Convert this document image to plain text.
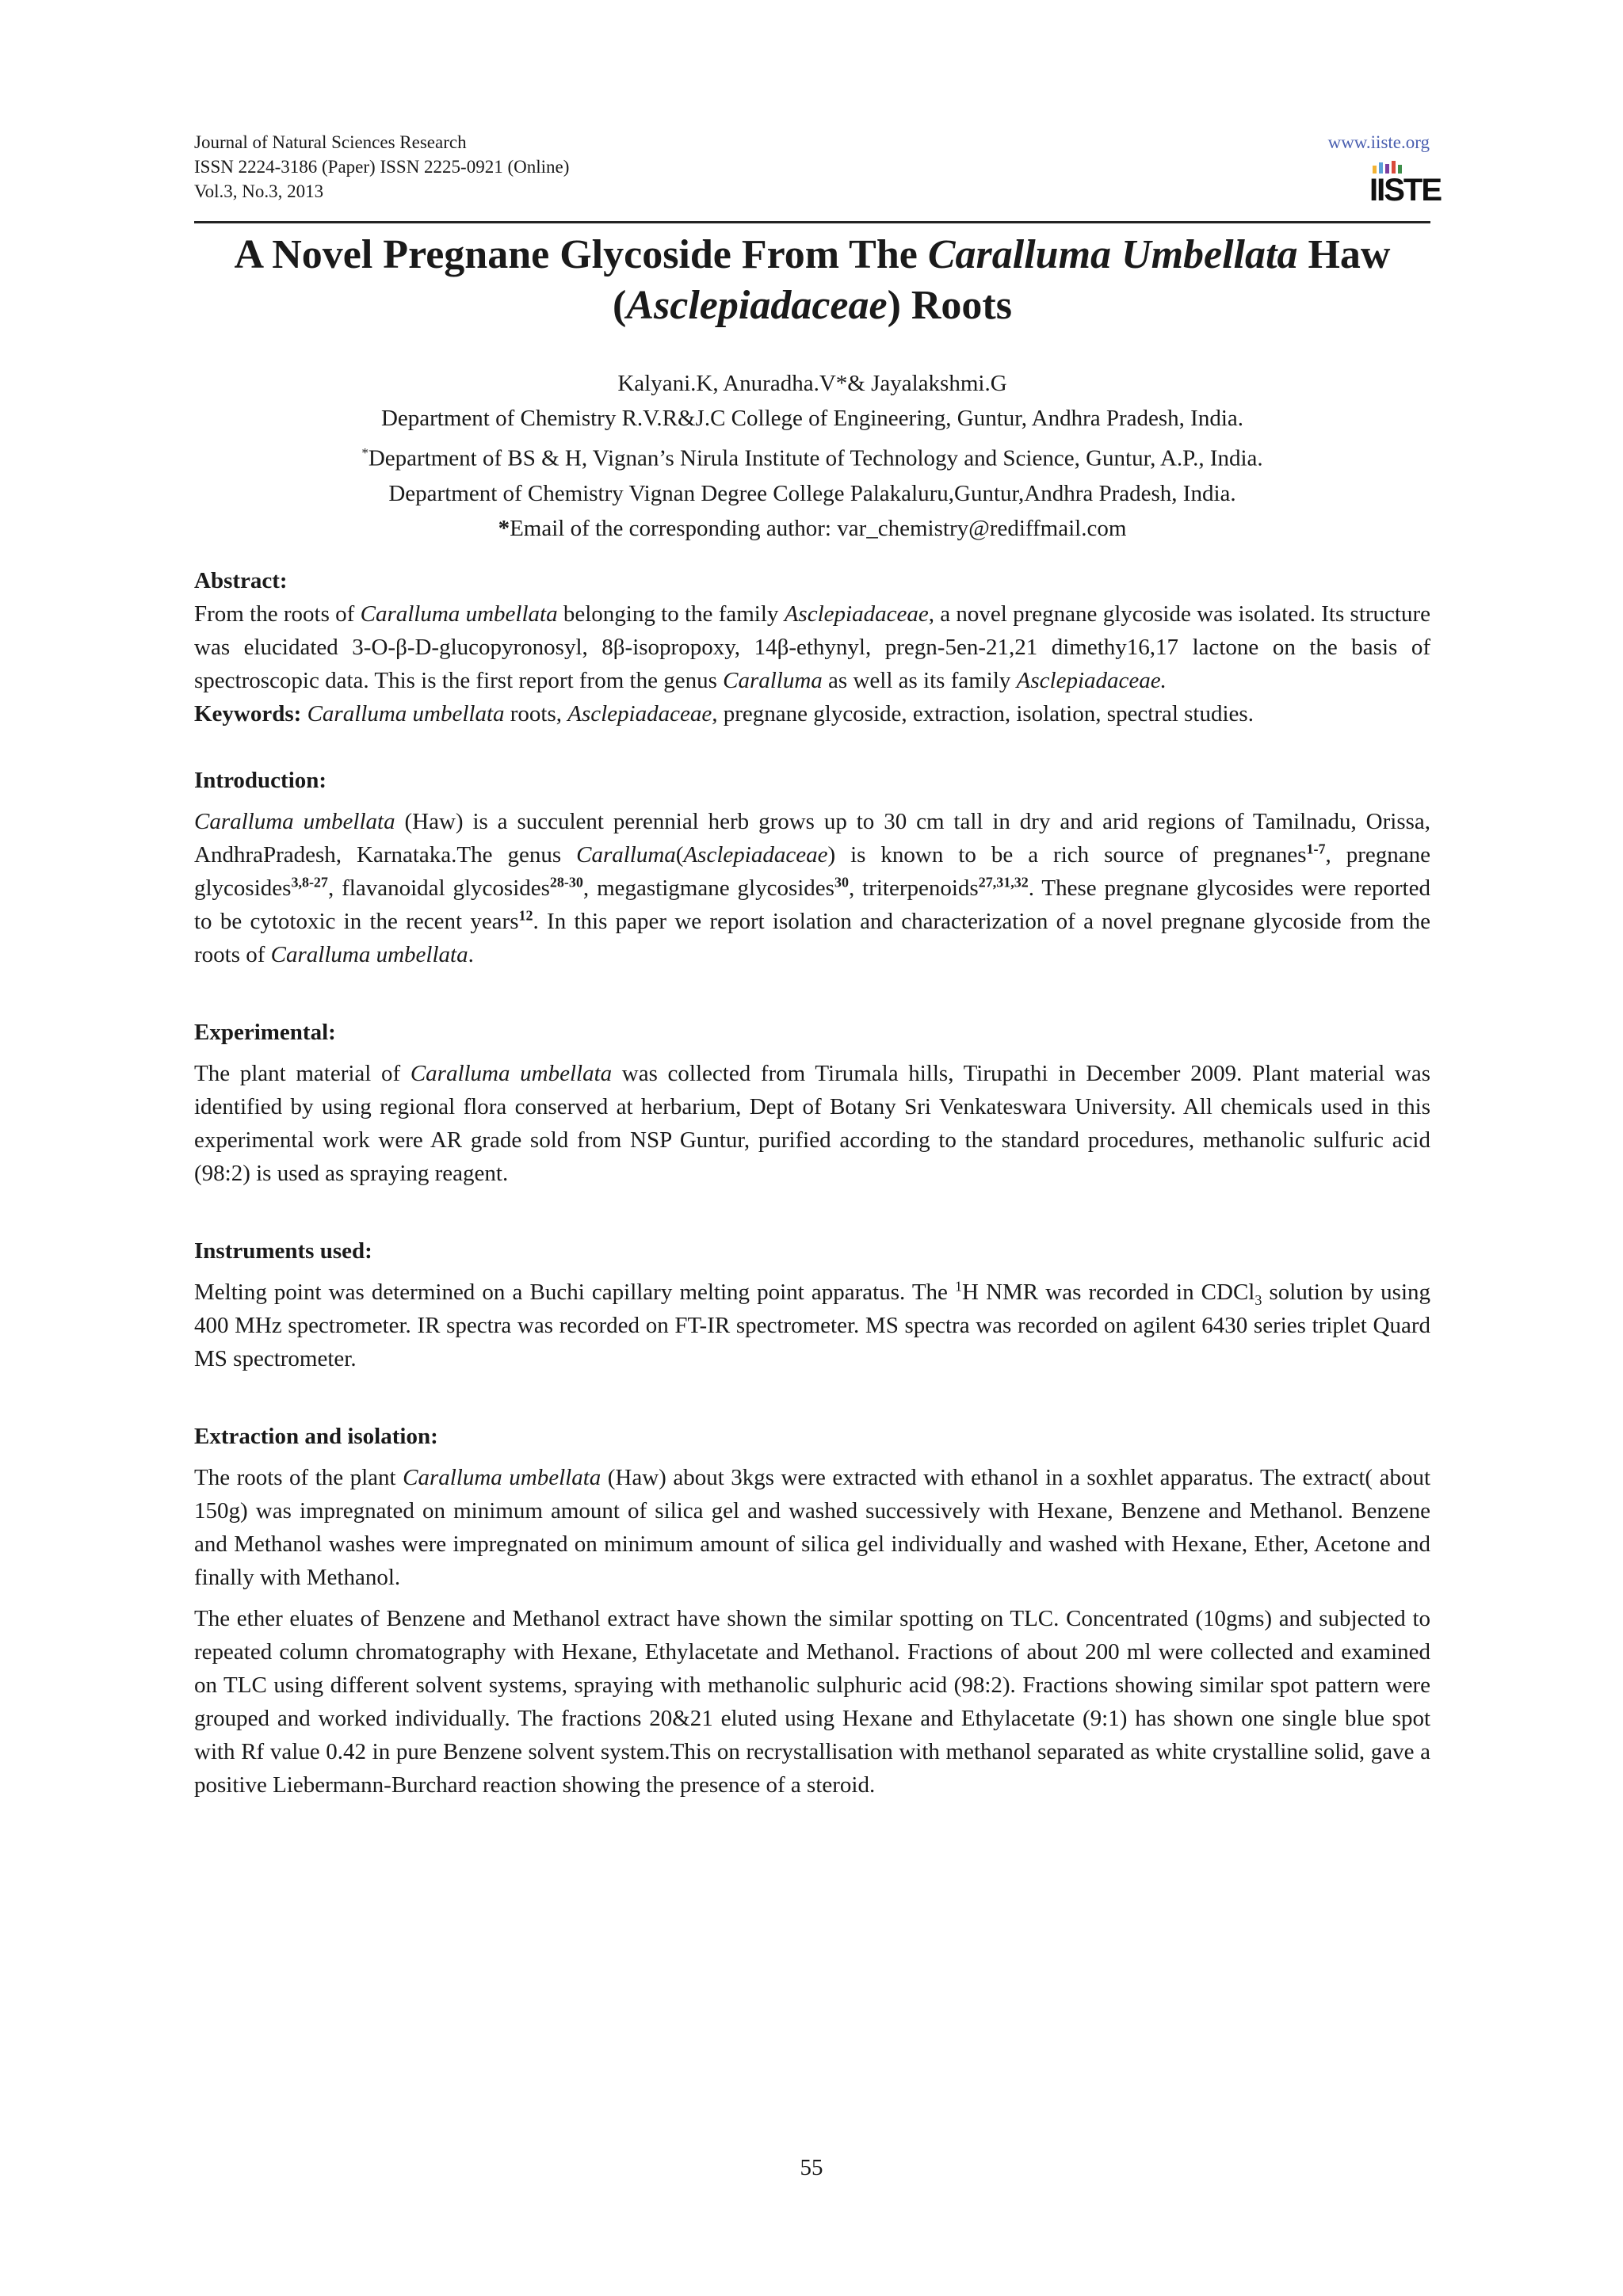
Journal of Natural Sciences Research
ISSN 2224-3186 (Paper) ISSN 2225-0921 (Online)
Vol.3, No.3, 2013
www.iiste.org
IISTE
A Novel Pregnane Glycoside From The Caralluma Umbellata Haw
(Asclepiadaceae) Roots
Kalyani.K, Anuradha.V*& Jayalakshmi.G
Department of Chemistry R.V.R&J.C College of Engineering, Guntur, Andhra Pradesh, India.
*Department of BS & H, Vignan’s Nirula Institute of Technology and Science, Guntur, A.P., India.
Department of Chemistry Vignan Degree College Palakaluru,Guntur,Andhra Pradesh, India.
*Email of the corresponding author: var_chemistry@rediffmail.com
Abstract:

From the roots of Caralluma umbellata belonging to the family Asclepiadaceae, a novel pregnane glycoside was isolated. Its structure was elucidated 3-O-β-D-glucopyronosyl, 8β-isopropoxy, 14β-ethynyl, pregn-5en-21,21 dimethy16,17 lactone on the basis of spectroscopic data. This is the first report from the genus Caralluma as well as its family Asclepiadaceae.

Keywords: Caralluma umbellata roots, Asclepiadaceae, pregnane glycoside, extraction, isolation, spectral studies.

Introduction:

Caralluma umbellata (Haw) is a succulent perennial herb grows up to 30 cm tall in dry and arid regions of Tamilnadu, Orissa, AndhraPradesh, Karnataka.The genus Caralluma(Asclepiadaceae) is known to be a rich source of pregnanes$^{1-7}$, pregnane glycosides$^{3,8-27}$, flavanoidal glycosides$^{28-30}$, megastigmane glycosides$^{30}$, triterpenoids$^{27,31,32}$. These pregnane glycosides were reported to be cytotoxic in the recent years$^{12}$. In this paper we report isolation and characterization of a novel pregnane glycoside from the roots of Caralluma umbellata.

Experimental:

The plant material of Caralluma umbellata was collected from Tirumala hills, Tirupathi in December 2009. Plant material was identified by using regional flora conserved at herbarium, Dept of Botany Sri Venkateswara University. All chemicals used in this experimental work were AR grade sold from NSP Guntur, purified according to the standard procedures, methanolic sulfuric acid (98:2) is used as spraying reagent.

Instruments used:

Melting point was determined on a Buchi capillary melting point apparatus. The $^1$H NMR was recorded in CDCl$_3$ solution by using 400 MHz spectrometer. IR spectra was recorded on FT-IR spectrometer. MS spectra was recorded on agilent 6430 series triplet Quard MS spectrometer.

Extraction and isolation:

The roots of the plant Caralluma umbellata (Haw) about 3kgs were extracted with ethanol in a soxhlet apparatus. The extract( about 150g) was impregnated on minimum amount of silica gel and washed successively with Hexane, Benzene and Methanol. Benzene and Methanol washes were impregnated on minimum amount of silica gel individually and washed with Hexane, Ether, Acetone and finally with Methanol.

The ether eluates of Benzene and Methanol extract have shown the similar spotting on TLC. Concentrated (10gms) and subjected to repeated column chromatography with Hexane, Ethylacetate and Methanol. Fractions of about 200 ml were collected and examined on TLC using different solvent systems, spraying with methanolic sulphuric acid (98:2). Fractions showing similar spot pattern were grouped and worked individually. The fractions 20&21 eluted using Hexane and Ethylacetate (9:1) has shown one single blue spot with Rf value 0.42 in pure Benzene solvent system.This on recrystallisation with methanol separated as white crystalline solid, gave a positive Liebermann-Burchard reaction showing the presence of a steroid.

55
